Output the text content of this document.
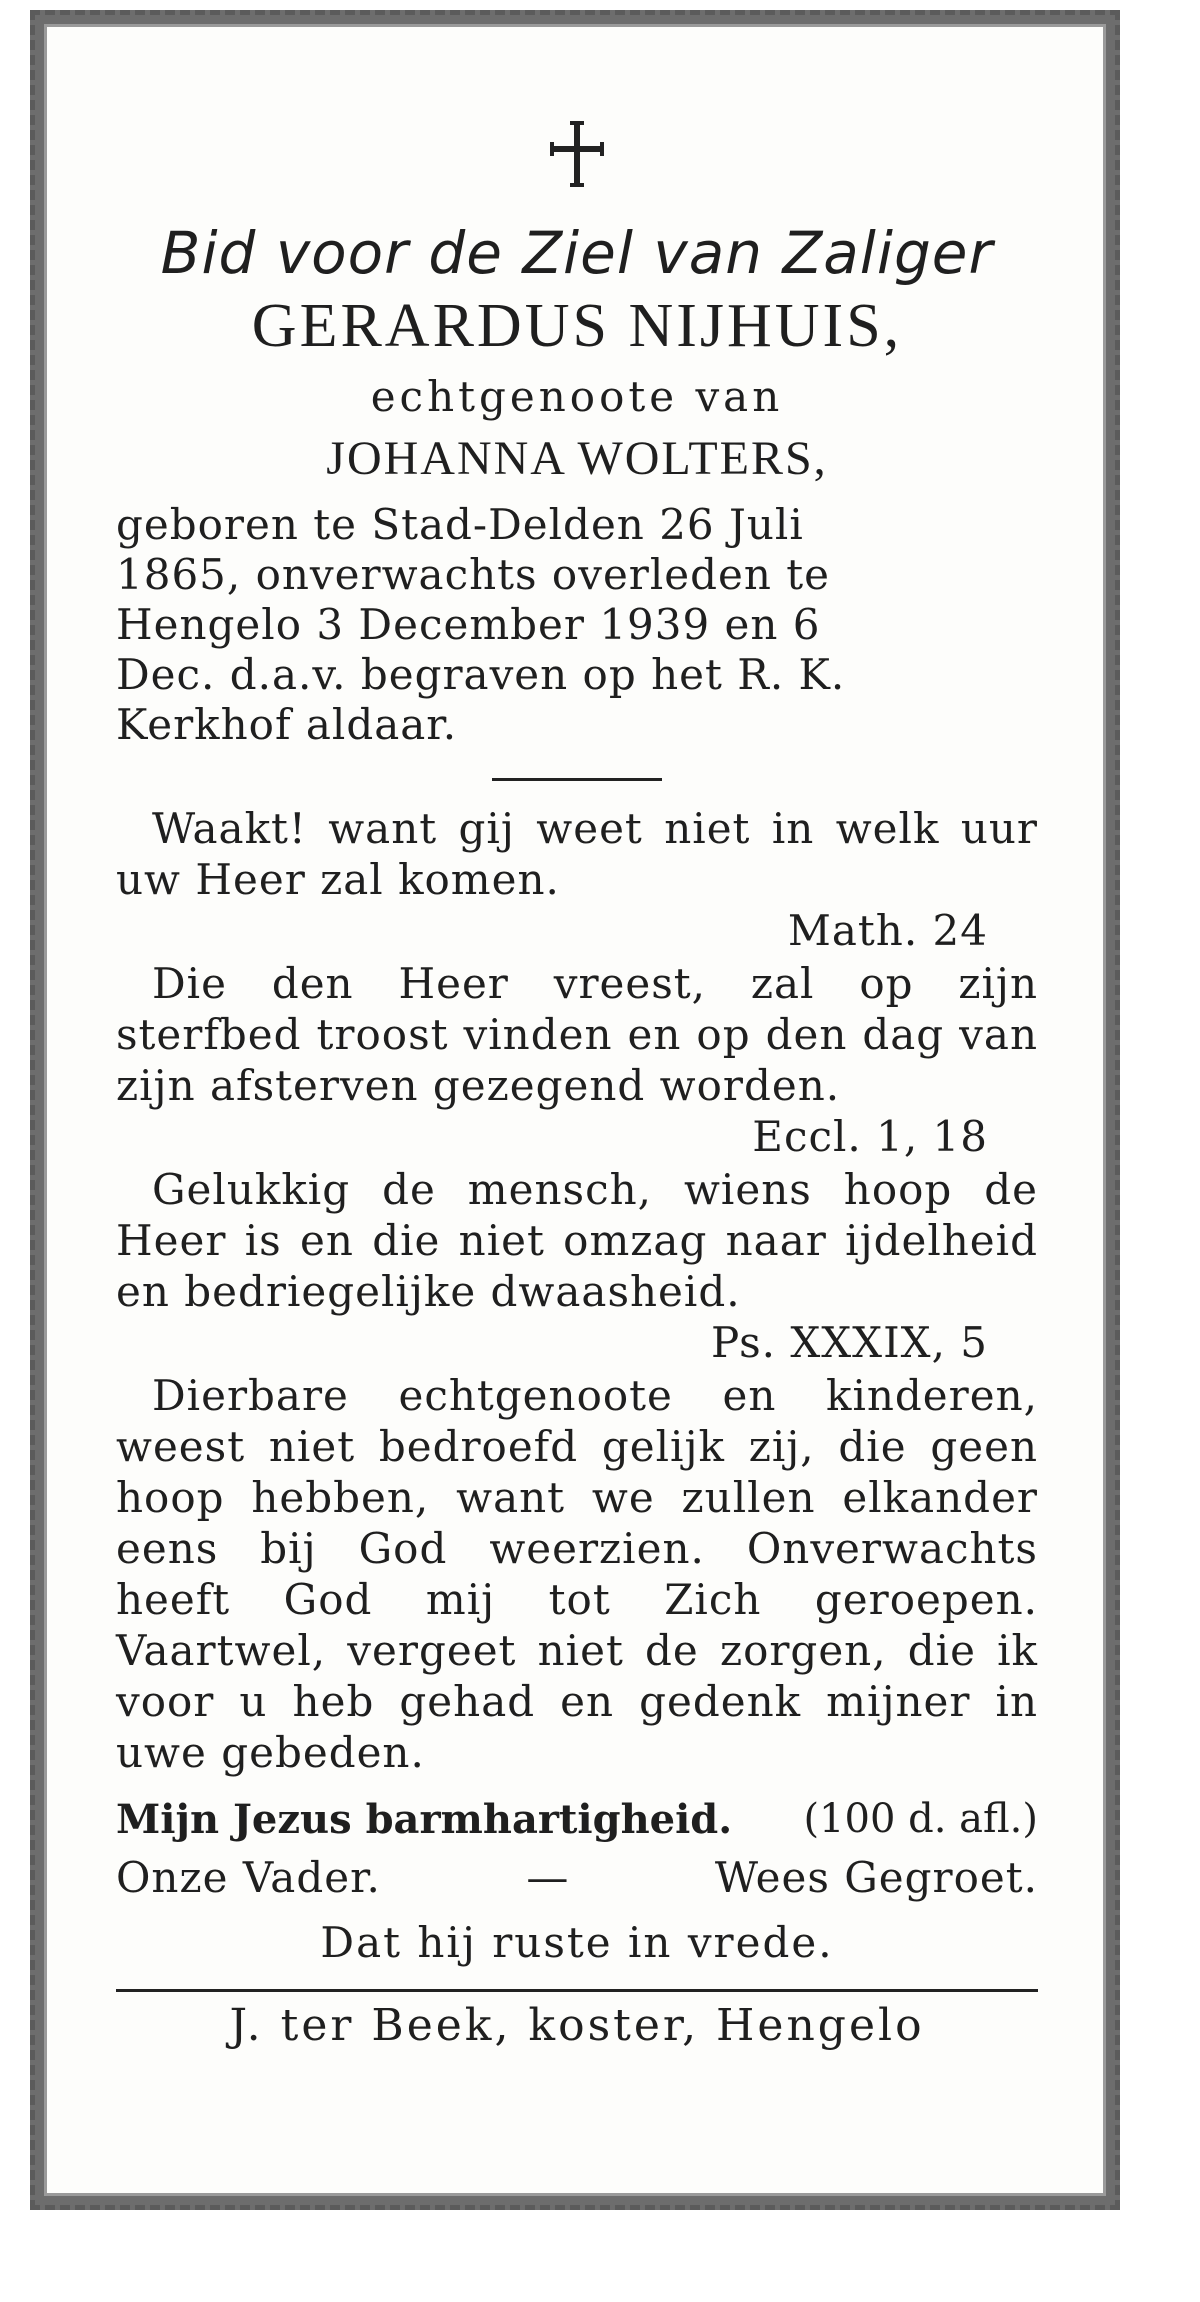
Bid voor de Ziel van Zaliger
GERARDUS NIJHUIS,
echtgenoote van
JOHANNA WOLTERS,
geboren te Stad-Delden 26 Juli
1865, onverwachts overleden te
Hengelo 3 December 1939 en 6
Dec. d.a.v. begraven op het R. K.
Kerkhof aldaar.
Waakt! want gij weet niet in welk uur uw Heer zal komen.
Math. 24
Die den Heer vreest, zal op zijn sterfbed troost vinden en op den dag van zijn afsterven gezegend worden.
Eccl. 1, 18
Gelukkig de mensch, wiens hoop de Heer is en die niet omzag naar ijdelheid en bedriegelijke dwaasheid.
Ps. XXXIX, 5
Dierbare echtgenoote en kinderen, weest niet bedroefd gelijk zij, die geen hoop hebben, want we zullen elkander eens bij God weerzien. Onverwachts heeft God mij tot Zich geroepen. Vaartwel, vergeet niet de zorgen, die ik voor u heb gehad en gedenk mijner in uwe gebeden.
Mijn Jezus barmhartigheid. (100 d. afl.)
Onze Vader.	—	Wees Gegroet.
Dat hij ruste in vrede.
J. ter Beek, koster, Hengelo
